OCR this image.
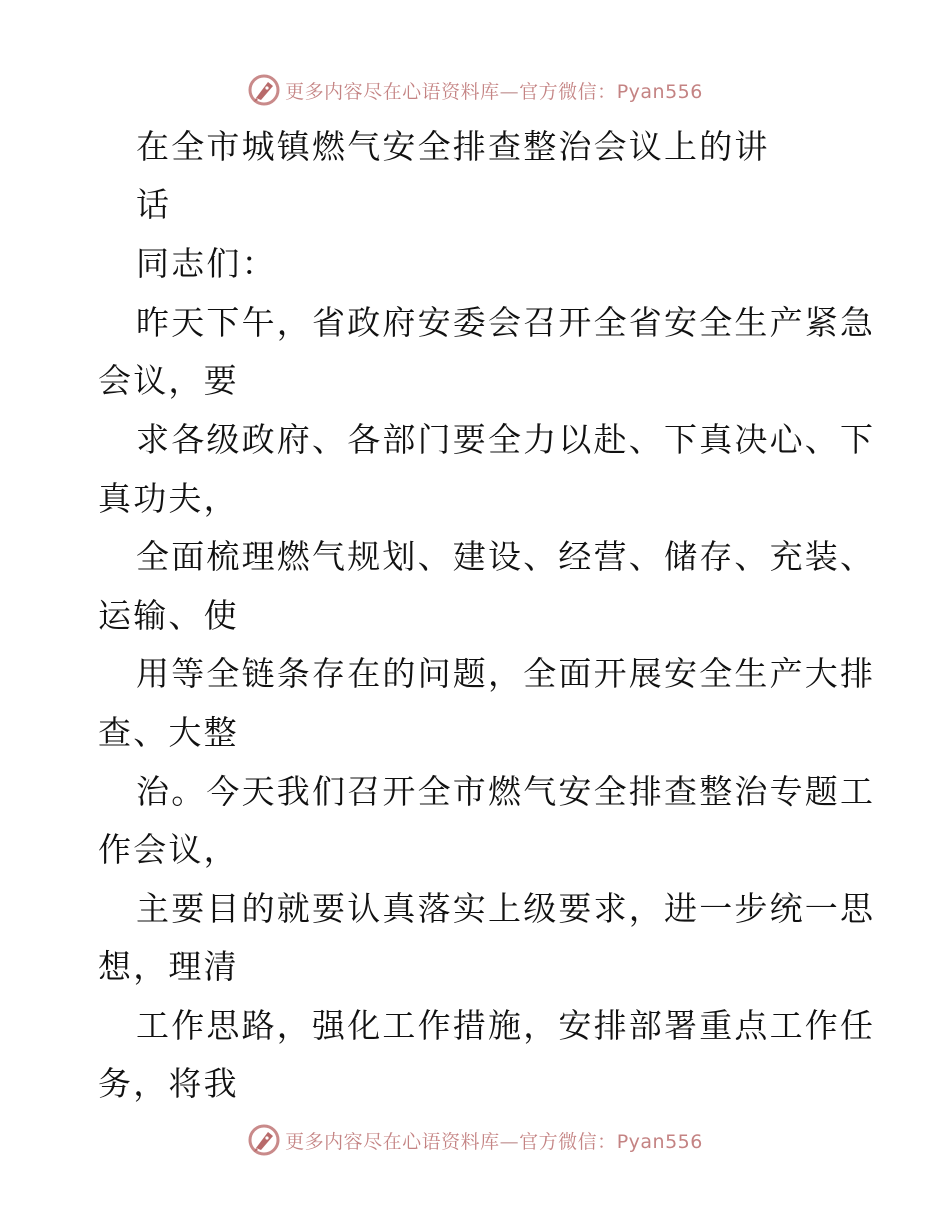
更多内容尽在心语资料库—官方微信：Pyan556
在全市城镇燃气安全排查整治会议上的讲
话
同志们：
昨天下午，省政府安委会召开全省安全生产紧急
会议，要
求各级政府、各部门要全力以赴、下真决心、下
真功夫，
全面梳理燃气规划、建设、经营、储存、充装、
运输、使
用等全链条存在的问题，全面开展安全生产大排
查、大整
治。今天我们召开全市燃气安全排查整治专题工
作会议，
主要目的就要认真落实上级要求，进一步统一思
想，理清
工作思路，强化工作措施，安排部署重点工作任
务，将我
更多内容尽在心语资料库—官方微信：Pyan556
